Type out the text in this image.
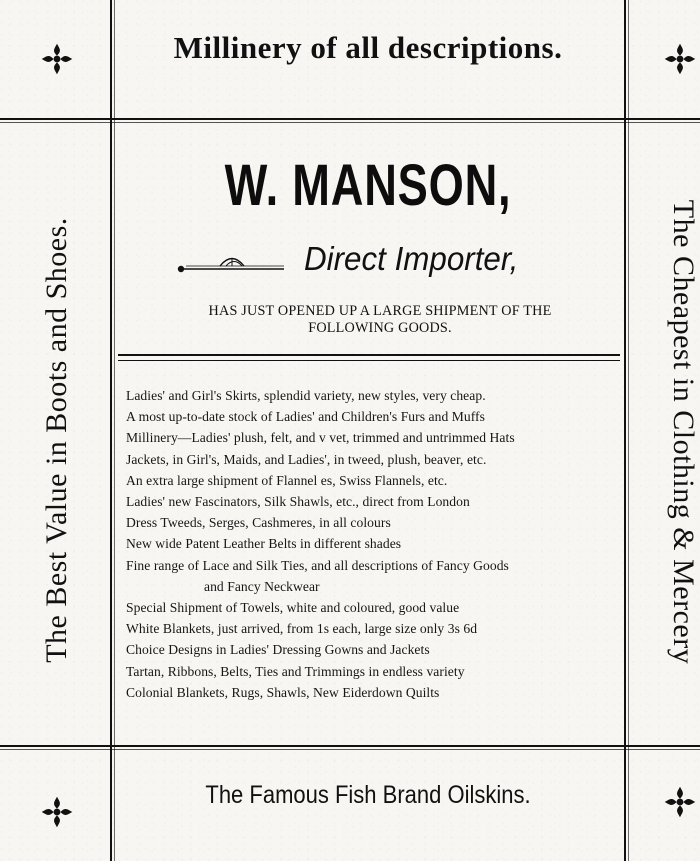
The Best Value in Boots and Shoes.	The Cheapest in Clothing & Mercery
Millinery of all descriptions.
W. MANSON,
Direct Importer,
HAS JUST OPENED UP A LARGE SHIPMENT OF THE
FOLLOWING GOODS.
Ladies' and Girl's Skirts, splendid variety, new styles, very cheap.
A most up-to-date stock of Ladies' and Children's Furs and Muffs
Millinery—Ladies' plush, felt, and v vet, trimmed and untrimmed Hats
Jackets, in Girl's, Maids, and Ladies', in tweed, plush, beaver, etc.
An extra large shipment of Flannel es, Swiss Flannels, etc.
Ladies' new Fascinators, Silk Shawls, etc., direct from London
Dress Tweeds, Serges, Cashmeres, in all colours
New wide Patent Leather Belts in different shades
Fine range of Lace and Silk Ties, and all descriptions of Fancy Goods
and Fancy Neckwear
Special Shipment of Towels, white and coloured, good value
White Blankets, just arrived, from 1s each, large size only 3s 6d
Choice Designs in Ladies' Dressing Gowns and Jackets
Tartan, Ribbons, Belts, Ties and Trimmings in endless variety
Colonial Blankets, Rugs, Shawls, New Eiderdown Quilts
The Famous Fish Brand Oilskins.
